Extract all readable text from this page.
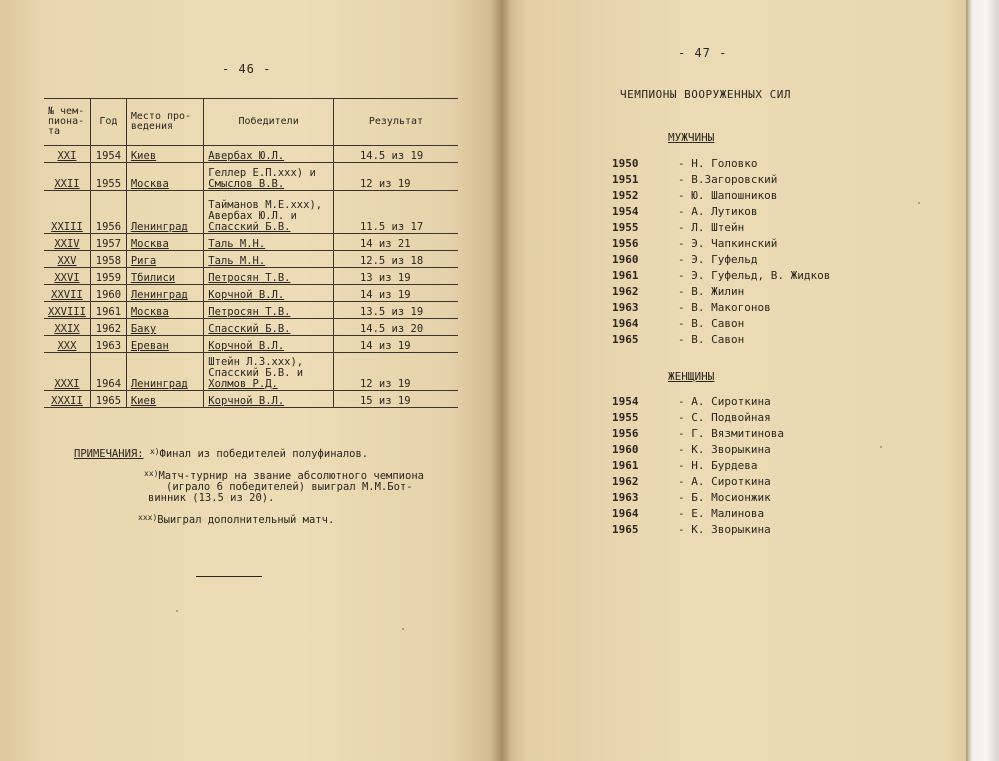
- 46 -
№ чем-
пиона-
та	Год	Место про-
ведения	Победители	Результат
XXI	1954	Киев	Авербах Ю.Л.	14.5 из 19
XXII	1955	Москва	Геллер Е.П.xxx) и
Смыслов В.В.	12 из 19
XXIII	1956	Ленинград	Тайманов М.Е.xxx),
Авербах Ю.Л. и
Спасский Б.В.	11.5 из 17
XXIV	1957	Москва	Таль М.Н.	14 из 21
XXV	1958	Рига	Таль М.Н.	12.5 из 18
XXVI	1959	Тбилиси	Петросян Т.В.	13 из 19
XXVII	1960	Ленинград	Корчной В.Л.	14 из 19
XXVIII	1961	Москва	Петросян Т.В.	13.5 из 19
XXIX	1962	Баку	Спасский Б.В.	14.5 из 20
XXX	1963	Ереван	Корчной В.Л.	14 из 19
XXXI	1964	Ленинград	Штейн Л.З.xxx),
Спасский Б.В. и
Холмов Р.Д.	12 из 19
XXXII	1965	Киев	Корчной В.Л.	15 из 19
ПРИМЕЧАНИЯ: $^{х)}$Финал из победителей полуфиналов.
$^{хх)}$Матч-турнир на звание абсолютного чемпиона
(играло 6 победителей) выиграл М.М.Бот-
винник (13.5 из 20).
$^{ххх)}$Выиграл дополнительный матч.
- 47 -
ЧЕМПИОНЫ ВООРУЖЕННЫХ СИЛ
МУЖЧИНЫ
1950	- Н. Головко
1951	- В.Загоровский
1952	- Ю. Шапошников
1954	- А. Лутиков
1955	- Л. Штейн
1956	- Э. Чапкинский
1960	- Э. Гуфельд
1961	- Э. Гуфельд, В. Жидков
1962	- В. Жилин
1963	- В. Макогонов
1964	- В. Савон
1965	- В. Савон
ЖЕНЩИНЫ
1954	- А. Сироткина
1955	- С. Подвойная
1956	- Г. Вязмитинова
1960	- К. Зворыкина
1961	- Н. Бурдева
1962	- А. Сироткина
1963	- Б. Мосионжик
1964	- Е. Малинова
1965	- К. Зворыкина
